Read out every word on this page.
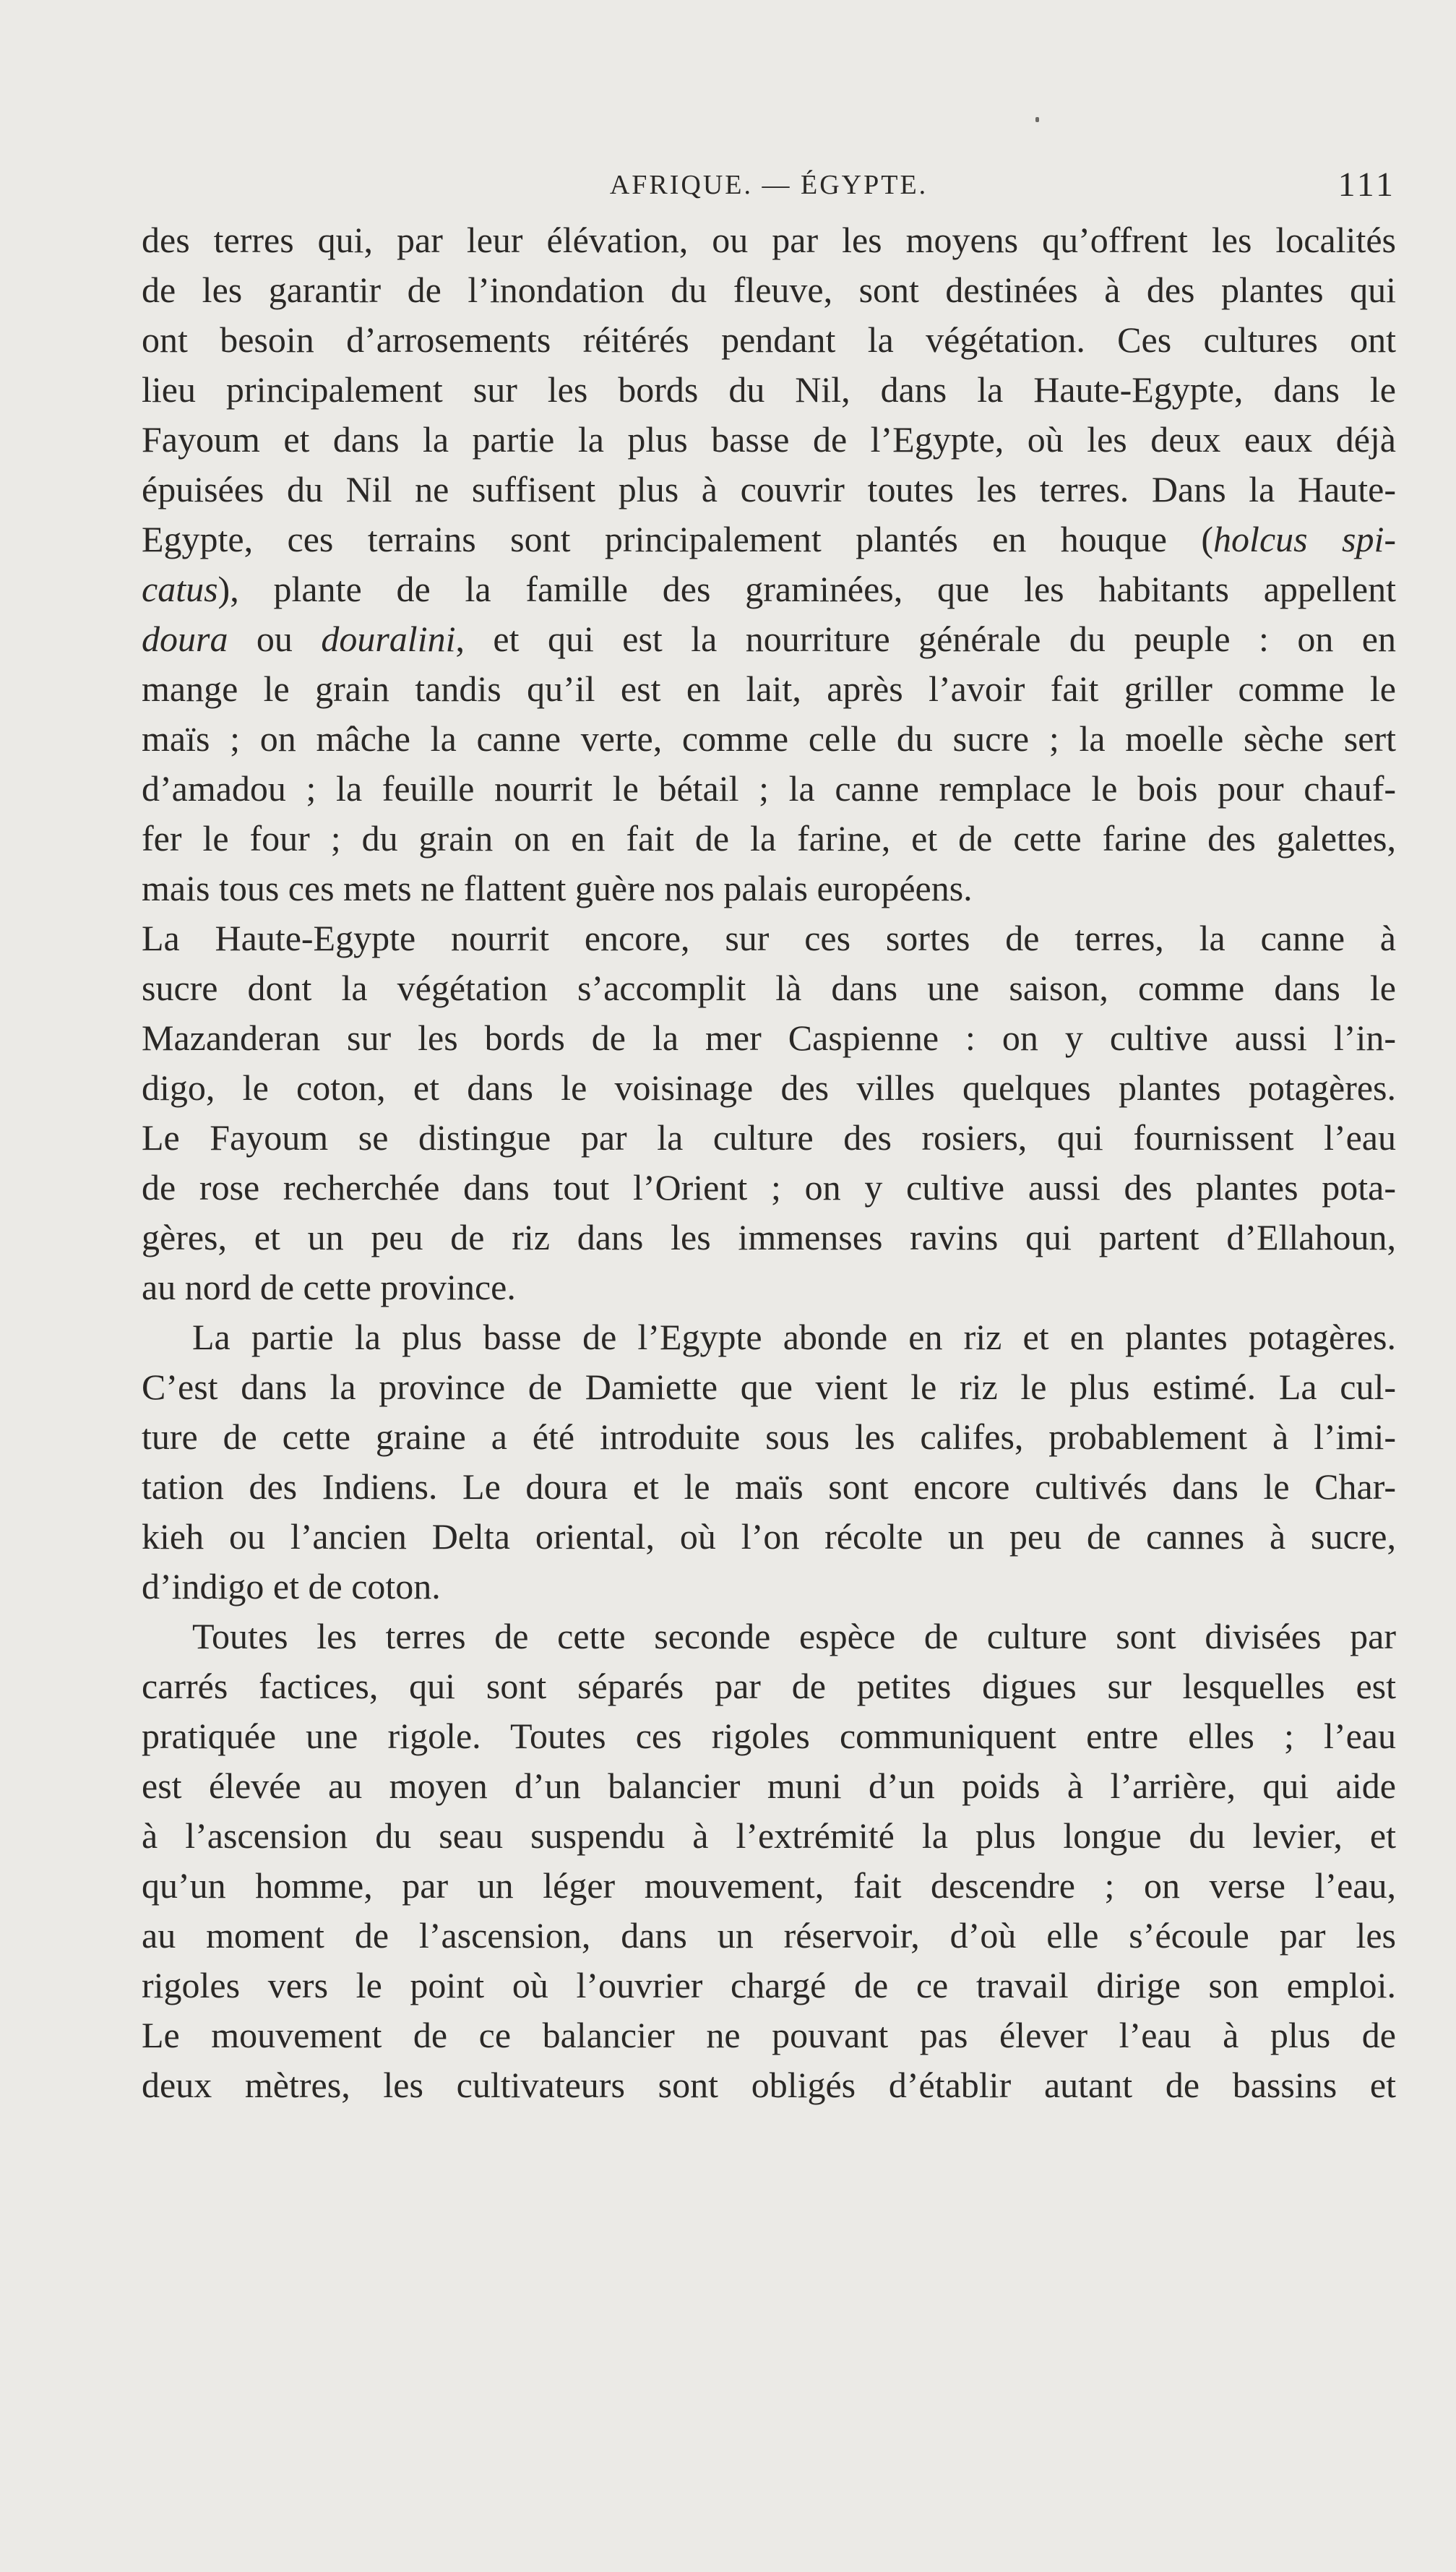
AFRIQUE. — ÉGYPTE.	111
des terres qui, par leur élévation, ou par les moyens qu’offrent les localités
de les garantir de l’inondation du fleuve, sont destinées à des plantes qui
ont besoin d’arrosements réitérés pendant la végétation. Ces cultures ont
lieu principalement sur les bords du Nil, dans la Haute-Egypte, dans le
Fayoum et dans la partie la plus basse de l’Egypte, où les deux eaux déjà
épuisées du Nil ne suffisent plus à couvrir toutes les terres. Dans la Haute-
Egypte, ces terrains sont principalement plantés en houque (holcus spi-
catus), plante de la famille des graminées, que les habitants appellent
doura ou douralini, et qui est la nourriture générale du peuple : on en
mange le grain tandis qu’il est en lait, après l’avoir fait griller comme le
maïs ; on mâche la canne verte, comme celle du sucre ; la moelle sèche sert
d’amadou ; la feuille nourrit le bétail ; la canne remplace le bois pour chauf-
fer le four ; du grain on en fait de la farine, et de cette farine des galettes,
mais tous ces mets ne flattent guère nos palais européens.
La Haute-Egypte nourrit encore, sur ces sortes de terres, la canne à
sucre dont la végétation s’accomplit là dans une saison, comme dans le
Mazanderan sur les bords de la mer Caspienne : on y cultive aussi l’in-
digo, le coton, et dans le voisinage des villes quelques plantes potagères.
Le Fayoum se distingue par la culture des rosiers, qui fournissent l’eau
de rose recherchée dans tout l’Orient ; on y cultive aussi des plantes pota-
gères, et un peu de riz dans les immenses ravins qui partent d’Ellahoun,
au nord de cette province.
La partie la plus basse de l’Egypte abonde en riz et en plantes potagères.
C’est dans la province de Damiette que vient le riz le plus estimé. La cul-
ture de cette graine a été introduite sous les califes, probablement à l’imi-
tation des Indiens. Le doura et le maïs sont encore cultivés dans le Char-
kieh ou l’ancien Delta oriental, où l’on récolte un peu de cannes à sucre,
d’indigo et de coton.
Toutes les terres de cette seconde espèce de culture sont divisées par
carrés factices, qui sont séparés par de petites digues sur lesquelles est
pratiquée une rigole. Toutes ces rigoles communiquent entre elles ; l’eau
est élevée au moyen d’un balancier muni d’un poids à l’arrière, qui aide
à l’ascension du seau suspendu à l’extrémité la plus longue du levier, et
qu’un homme, par un léger mouvement, fait descendre ; on verse l’eau,
au moment de l’ascension, dans un réservoir, d’où elle s’écoule par les
rigoles vers le point où l’ouvrier chargé de ce travail dirige son emploi.
Le mouvement de ce balancier ne pouvant pas élever l’eau à plus de
deux mètres, les cultivateurs sont obligés d’établir autant de bassins et
